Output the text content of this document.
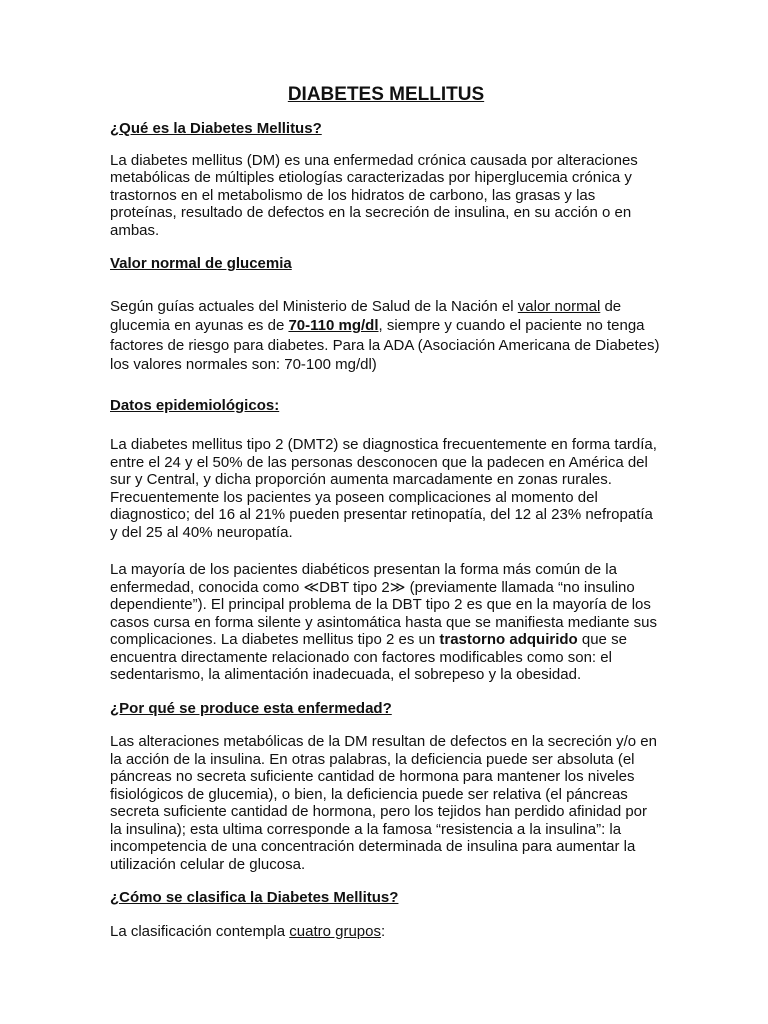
DIABETES MELLITUS
¿Qué es la Diabetes Mellitus?

La diabetes mellitus (DM) es una enfermedad crónica causada por alteraciones metabólicas de múltiples etiologías caracterizadas por hiperglucemia crónica y trastornos en el metabolismo de los hidratos de carbono, las grasas y las proteínas, resultado de defectos en la secreción de insulina, en su acción o en ambas.

Valor normal de glucemia

Según guías actuales del Ministerio de Salud de la Nación el valor normal de glucemia en ayunas es de 70-110 mg/dl, siempre y cuando el paciente no tenga factores de riesgo para diabetes. Para la ADA (Asociación Americana de Diabetes) los valores normales son: 70-100 mg/dl)

Datos epidemiológicos:

La diabetes mellitus tipo 2 (DMT2) se diagnostica frecuentemente en forma tardía, entre el 24 y el 50% de las personas desconocen que la padecen en América del sur y Central, y dicha proporción aumenta marcadamente en zonas rurales. Frecuentemente los pacientes ya poseen complicaciones al momento del diagnostico; del 16 al 21% pueden presentar retinopatía, del 12 al 23% nefropatía y del 25 al 40% neuropatía.

La mayoría de los pacientes diabéticos presentan la forma más común de la enfermedad, conocida como ≪DBT tipo 2≫ (previamente llamada “no insulino dependiente”). El principal problema de la DBT tipo 2 es que en la mayoría de los casos cursa en forma silente y asintomática hasta que se manifiesta mediante sus complicaciones. La diabetes mellitus tipo 2 es un trastorno adquirido que se encuentra directamente relacionado con factores modificables como son: el sedentarismo, la alimentación inadecuada, el sobrepeso y la obesidad.

¿Por qué se produce esta enfermedad?

Las alteraciones metabólicas de la DM resultan de defectos en la secreción y/o en la acción de la insulina. En otras palabras, la deficiencia puede ser absoluta (el páncreas no secreta suficiente cantidad de hormona para mantener los niveles fisiológicos de glucemia), o bien, la deficiencia puede ser relativa (el páncreas secreta suficiente cantidad de hormona, pero los tejidos han perdido afinidad por la insulina); esta ultima corresponde a la famosa “resistencia a la insulina”: la incompetencia de una concentración determinada de insulina para aumentar la utilización celular de glucosa.

¿Cómo se clasifica la Diabetes Mellitus?

La clasificación contempla cuatro grupos:
